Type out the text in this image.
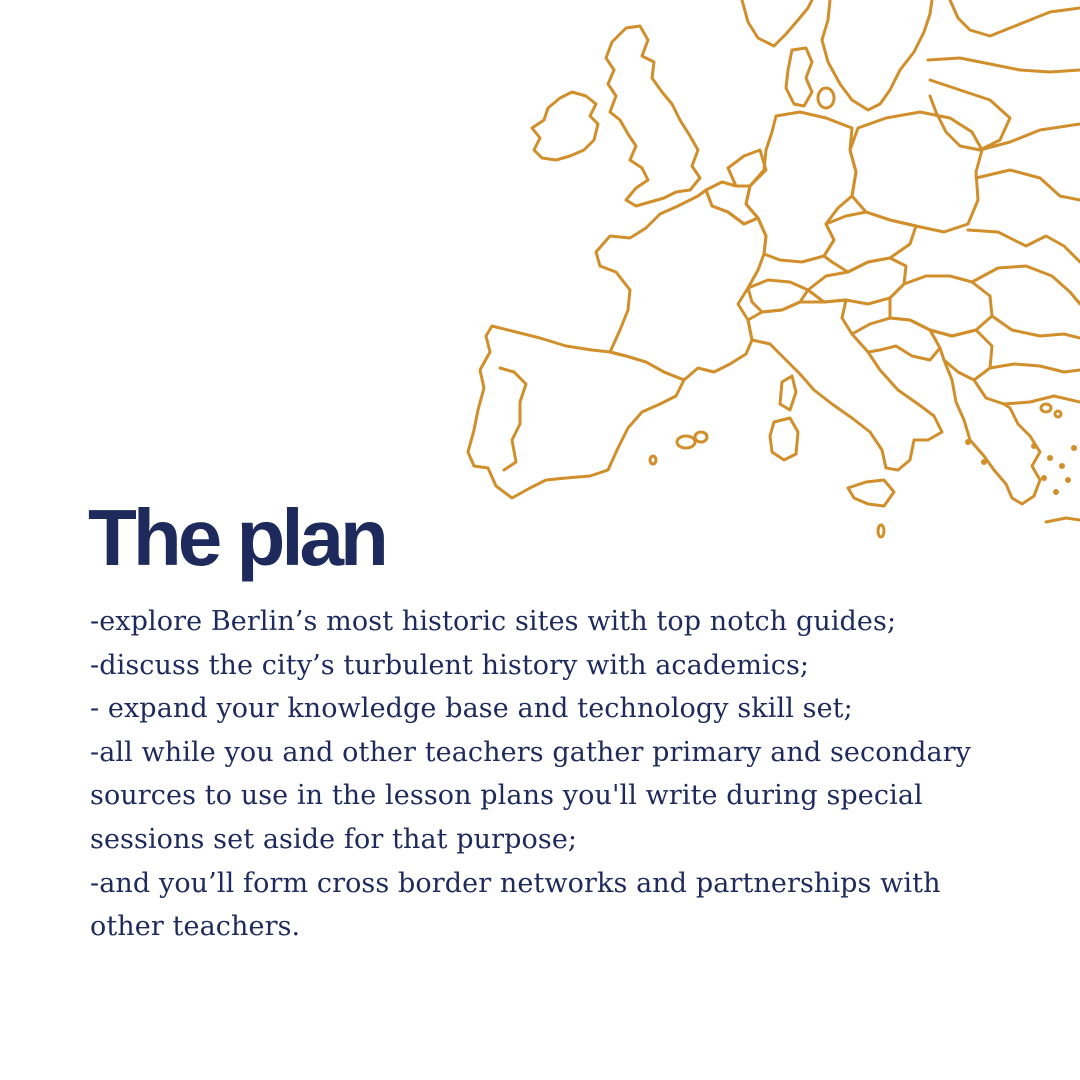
The plan
-explore Berlin’s most historic sites with top notch guides;
-discuss the city’s turbulent history with academics;
- expand your knowledge base and technology skill set;
-all while you and other teachers gather primary and secondary sources to use in the lesson plans you'll write during special sessions set aside for that purpose;
-and you’ll form cross border networks and partnerships with other teachers.
